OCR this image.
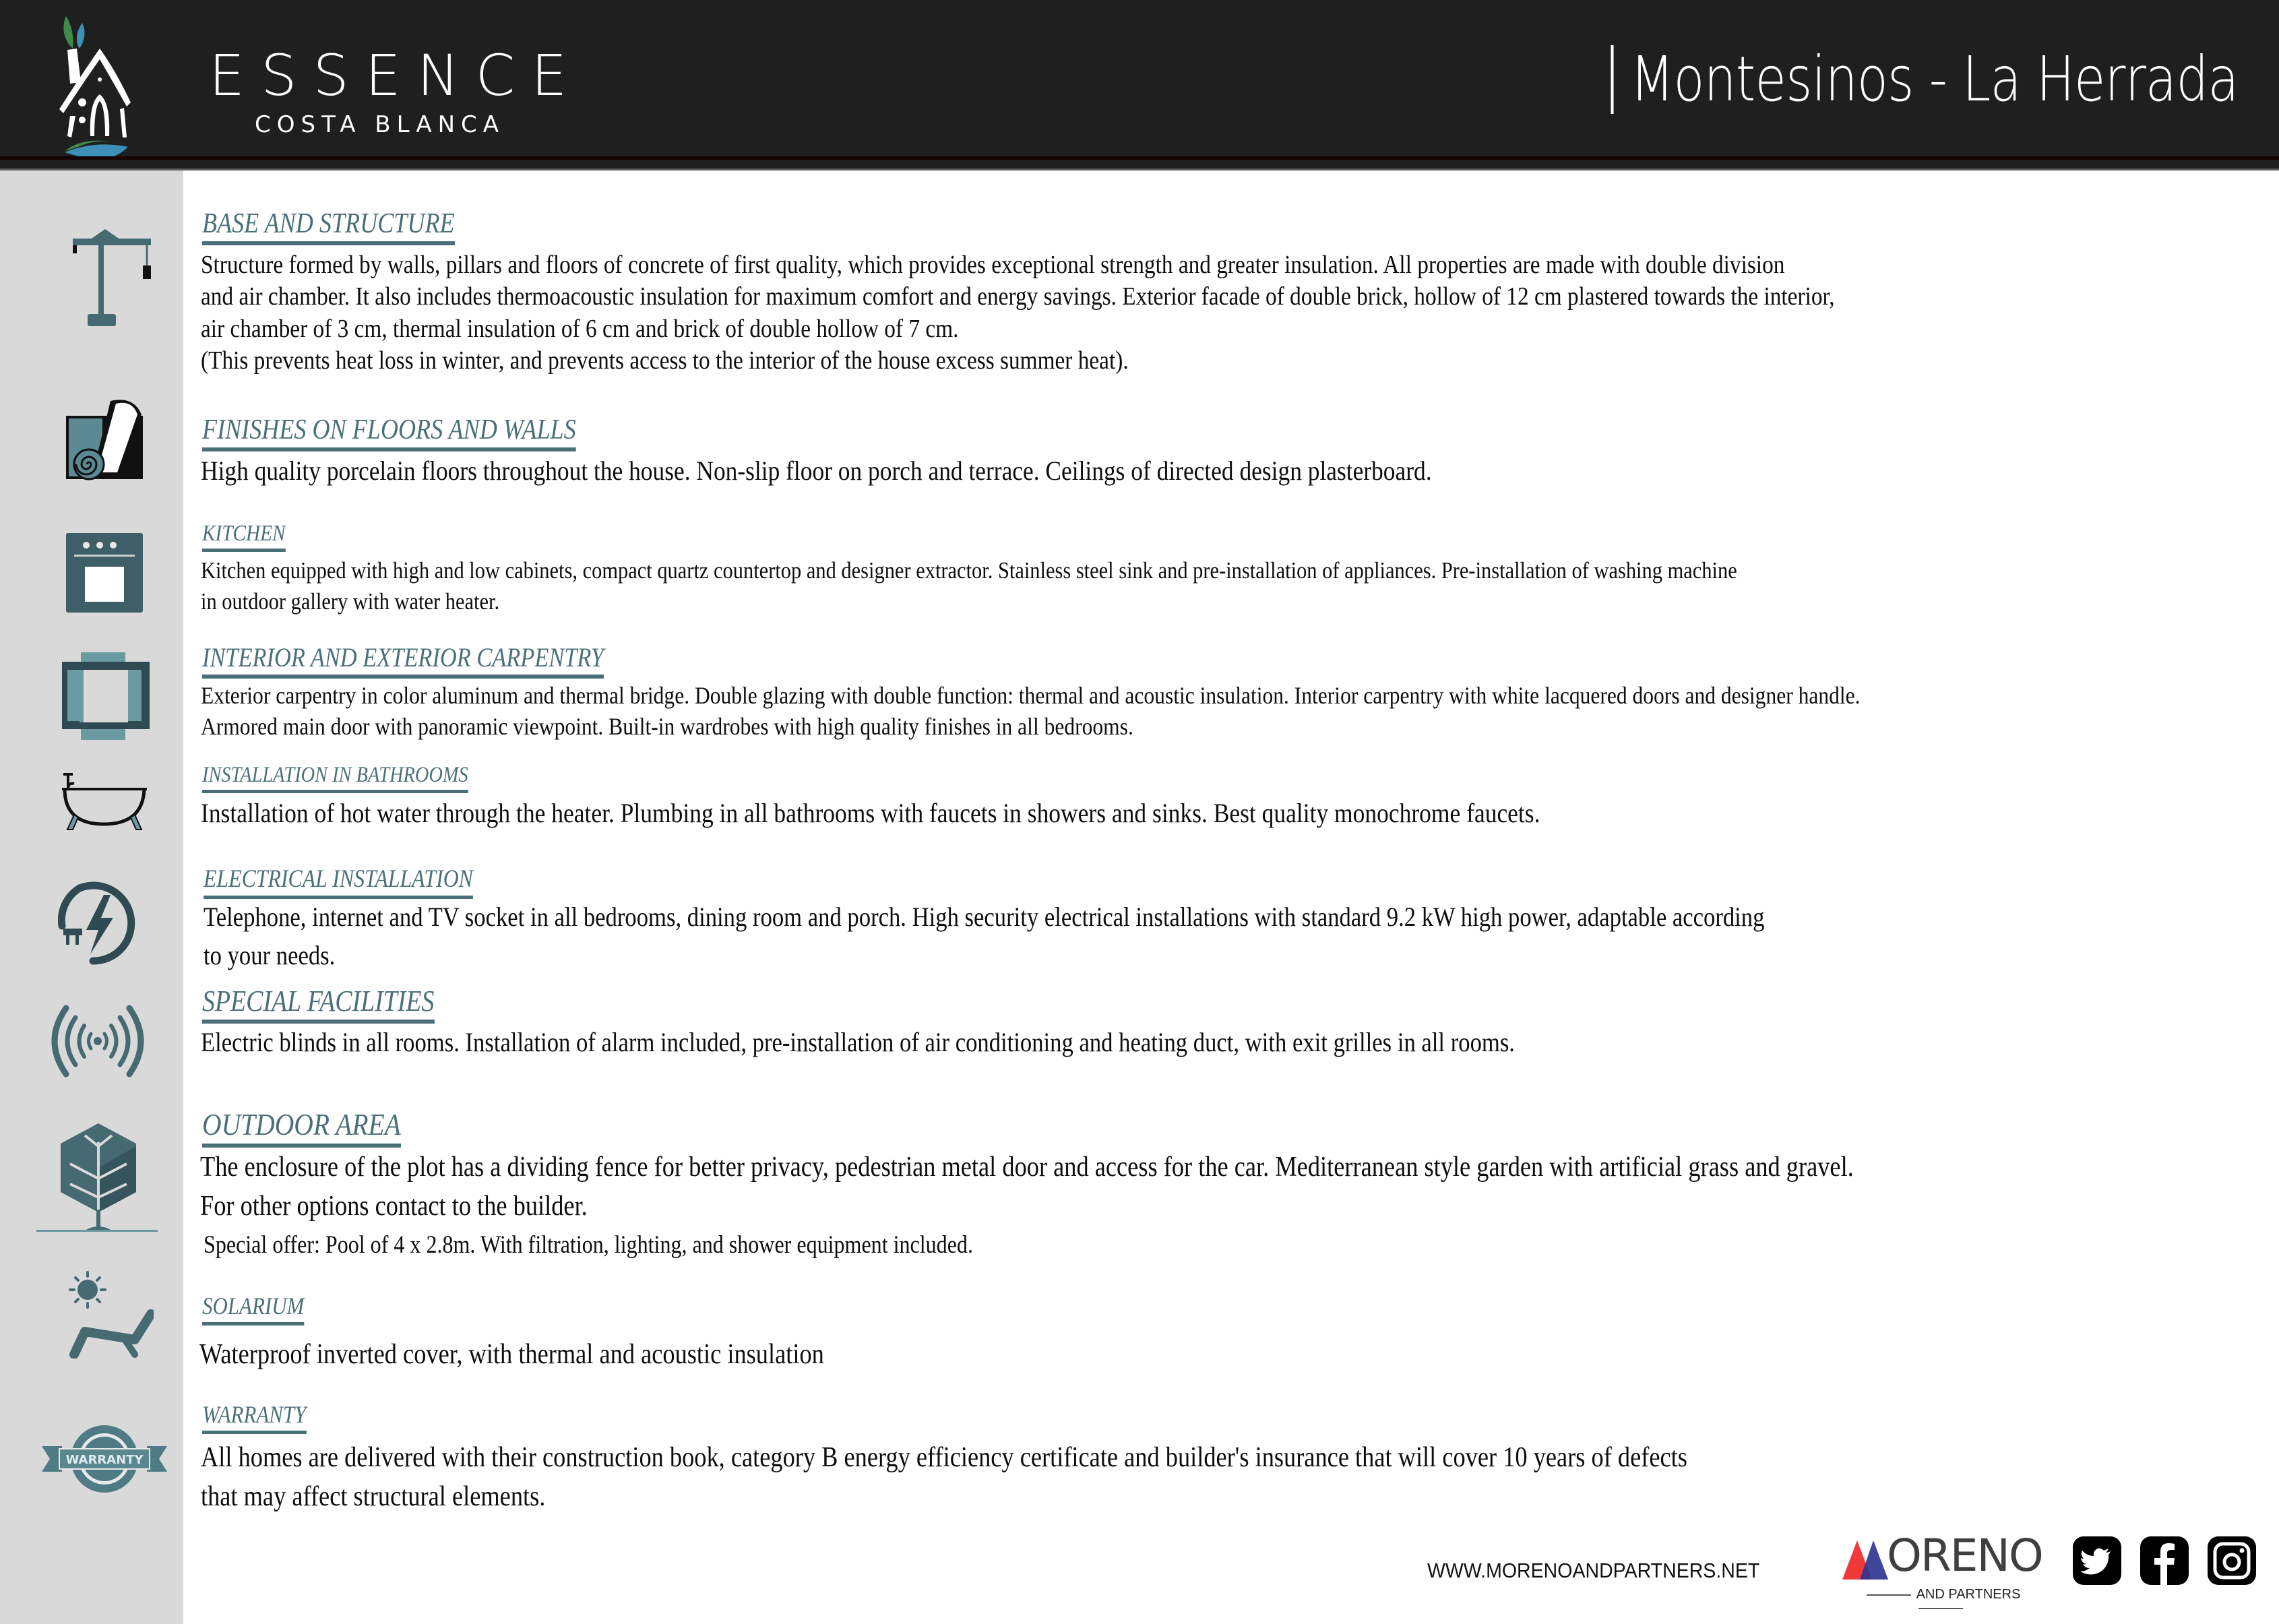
ESSENCE
COSTA BLANCA
Montesinos - La Herrada
WARRANTY
BASE AND STRUCTURE
Structure formed by walls, pillars and floors of concrete of first quality, which provides exceptional strength and greater insulation. All properties are made with double division
and air chamber. It also includes thermoacoustic insulation for maximum comfort and energy savings. Exterior facade of double brick, hollow of 12 cm plastered towards the interior,
air chamber of 3 cm, thermal insulation of 6 cm and brick of double hollow of 7 cm.
(This prevents heat loss in winter, and prevents access to the interior of the house excess summer heat).
FINISHES ON FLOORS AND WALLS
High quality porcelain floors throughout the house. Non-slip floor on porch and terrace. Ceilings of directed design plasterboard.
KITCHEN
Kitchen equipped with high and low cabinets, compact quartz countertop and designer extractor. Stainless steel sink and pre-installation of appliances. Pre-installation of washing machine
in outdoor gallery with water heater.
INTERIOR AND EXTERIOR CARPENTRY
Exterior carpentry in color aluminum and thermal bridge. Double glazing with double function: thermal and acoustic insulation. Interior carpentry with white lacquered doors and designer handle.
Armored main door with panoramic viewpoint. Built-in wardrobes with high quality finishes in all bedrooms.
INSTALLATION IN BATHROOMS
Installation of hot water through the heater. Plumbing in all bathrooms with faucets in showers and sinks. Best quality monochrome faucets.
ELECTRICAL INSTALLATION
Telephone, internet and TV socket in all bedrooms, dining room and porch. High security electrical installations with standard 9.2 kW high power, adaptable according
to your needs.
SPECIAL FACILITIES
Electric blinds in all rooms. Installation of alarm included, pre-installation of air conditioning and heating duct, with exit grilles in all rooms.
OUTDOOR AREA
The enclosure of the plot has a dividing fence for better privacy, pedestrian metal door and access for the car. Mediterranean style garden with artificial grass and gravel.
For other options contact to the builder.
Special offer: Pool of 4 x 2.8m. With filtration, lighting, and shower equipment included.
SOLARIUM
Waterproof inverted cover, with thermal and acoustic insulation
WARRANTY
All homes are delivered with their construction book, category B energy efficiency certificate and builder's insurance that will cover 10 years of defects
that may affect structural elements.
WWW.MORENOANDPARTNERS.NET	ORENO
AND PARTNERS
